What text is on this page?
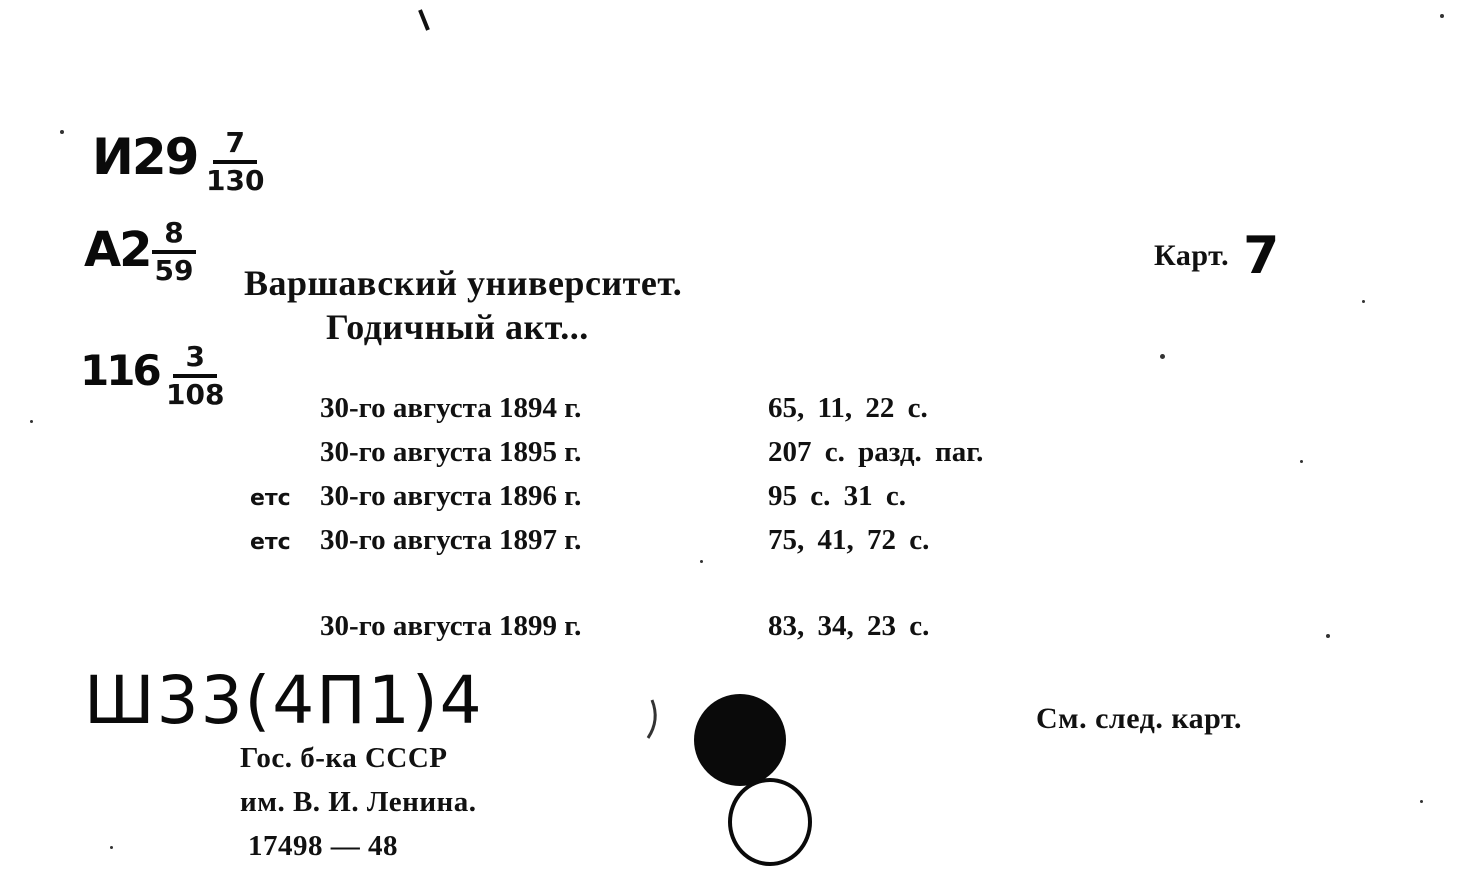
И29 7
130
А2 8
59
116 3
108
Карт. 7
Варшавский университет.
Годичный акт...
30-го августа 1894 г.	65, 11, 22 с.
30-го августа 1895 г.	207 с. разд. паг.
етс 30-го августа 1896 г.	95 с. 31 с.
етс 30-го августа 1897 г.	75, 41, 72 с.
30-го августа 1899 г.	83, 34, 23 с.
Ш33(4П1)4	См. след. карт.
Гос. б-ка СССР
им. В. И. Ленина.
17498 — 48
